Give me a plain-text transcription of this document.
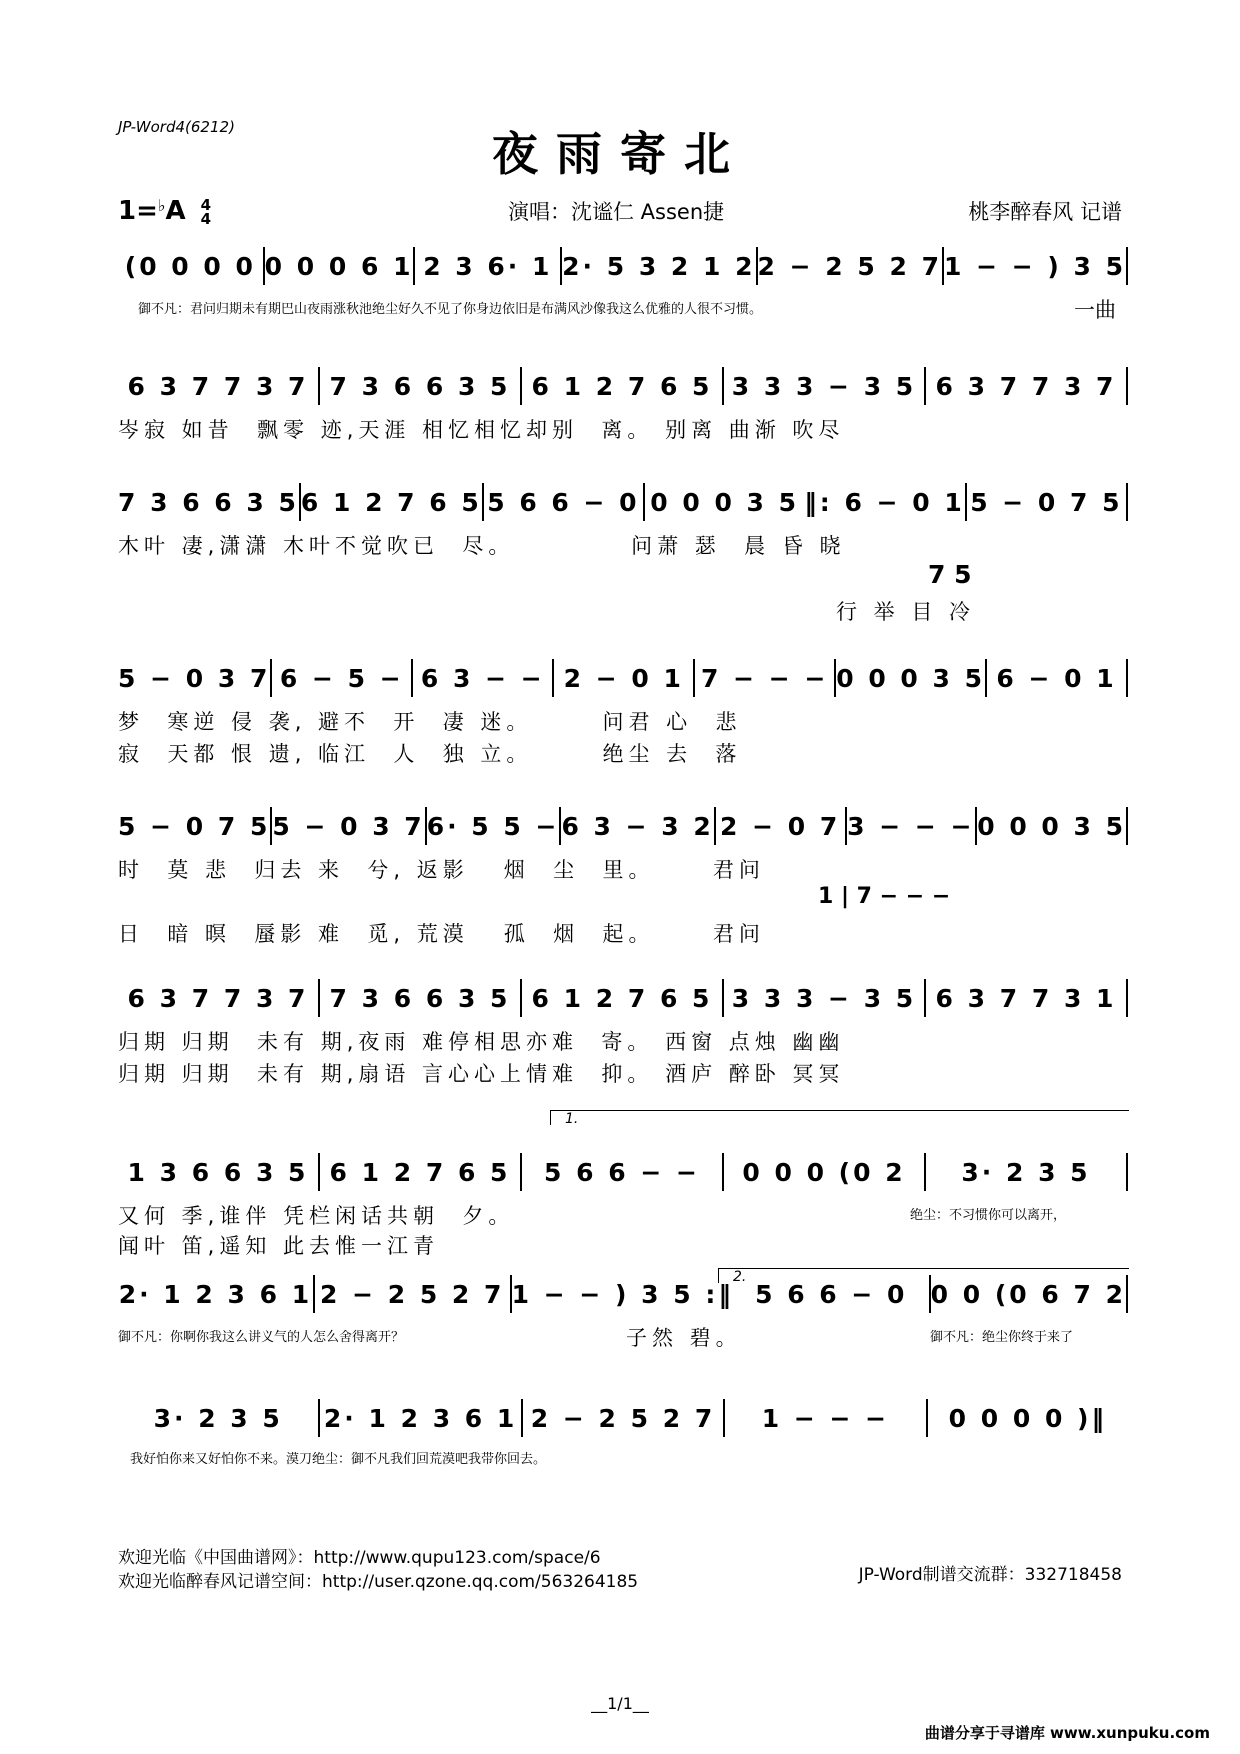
JP-Word4(6212)	夜雨寄北
1=♭A 4
4	演唱：沈谧仁 Assen捷	桃李醉春风 记谱
(0 0 0 0 0 0 0 6 1 2 3 6· 1 2· 5 3 2 1 2 2 − 2 5 2 7 1 − − ) 3 5
御不凡：君问归期未有期巴山夜雨涨秋池绝尘好久不见了你身边依旧是布满风沙像我这么优雅的人很不习惯。	一曲
6 3 7 7 3 7 7 3 6 6 3 5 6 1 2 7 6 5 3 3 3 − 3 5 6 3 7 7 3 7
岑寂 如昔  飘零 迹,天涯 相忆相忆却别  离。 别离 曲渐 吹尽
7 3 6 6 3 5 6 1 2 7 6 5 5 6 6 − 0 0 0 0 3 5 ‖: 6 − 0 1 5 − 0 7 5
木叶 凄,潇潇 木叶不觉吹已  尽。          问萧 瑟  晨 昏 晓
7 5
行 举 目 冷
5 − 0 3 7 6 − 5 − 6 3 − − 2 − 0 1 7 − − − 0 0 0 3 5 6 − 0 1
梦  寒逆 侵 袭, 避不  开  凄 迷。      问君 心  悲
寂  天都 恨 遗, 临江  人  独 立。      绝尘 去  落
5 − 0 7 5 5 − 0 3 7 6· 5 5 − 6 3 − 3 2 2 − 0 7 3 − − − 0 0 0 3 5
时  莫 悲  归去 来  兮, 返影   烟  尘  里。     君问
1 | 7 − − −
日  暗 暝  蜃影 难  觅, 荒漠   孤  烟  起。     君问
6 3 7 7 3 7 7 3 6 6 3 5 6 1 2 7 6 5 3 3 3 − 3 5 6 3 7 7 3 1
归期 归期  未有 期,夜雨 难停相思亦难  寄。 西窗 点烛 幽幽
归期 归期  未有 期,扇语 言心心上情难  抑。 酒庐 醉卧 冥冥
1.
1 3 6 6 3 5 6 1 2 7 6 5	5 6 6 − −	0 0 0 (0 2	3· 2 3 5
又何 季,谁伴 凭栏闲话共朝  夕。
闻叶 笛,遥知 此去惟一江青
绝尘：不习惯你可以离开，
2.
2· 1 2 3 6 1 2 − 2 5 2 7 1 − − ) 3 5 :‖ 5 6 6 − 0 0 0 (0 6 7 2
御不凡：你啊你我这么讲义气的人怎么舍得离开？	子然 碧。	御不凡：绝尘你终于来了
3· 2 3 5	2· 1 2 3 6 1 2 − 2 5 2 7	1 − − −	0 0 0 0 )‖
我好怕你来又好怕你不来。漠刀绝尘：御不凡我们回荒漠吧我带你回去。
欢迎光临《中国曲谱网》：http://www.qupu123.com/space/6
欢迎光临醉春风记谱空间：http://user.qzone.qq.com/563264185	JP-Word制谱交流群：332718458
__1/1__
曲谱分享于寻谱库 www.xunpuku.com
